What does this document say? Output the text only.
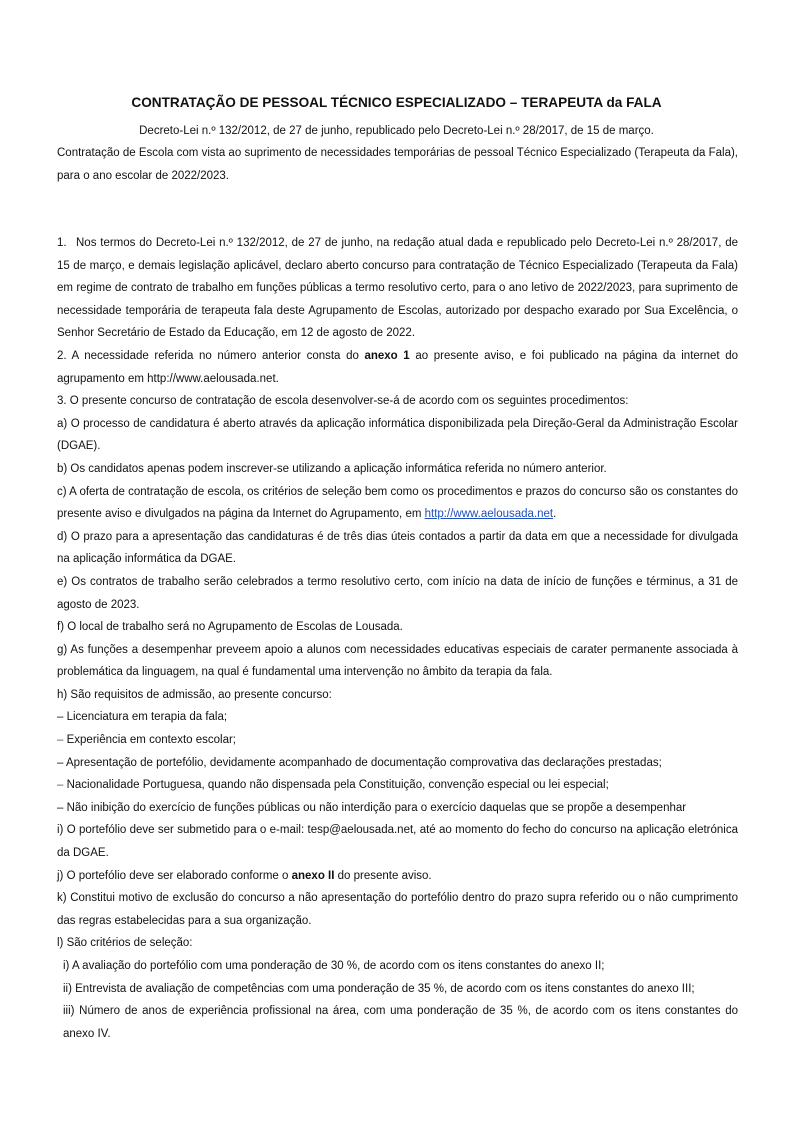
CONTRATAÇÃO DE PESSOAL TÉCNICO ESPECIALIZADO – TERAPEUTA da FALA
Decreto-Lei n.º 132/2012, de 27 de junho, republicado pelo Decreto-Lei n.º 28/2017, de 15 de março.
Contratação de Escola com vista ao suprimento de necessidades temporárias de pessoal Técnico Especializado (Terapeuta da Fala), para o ano escolar de 2022/2023.

1. Nos termos do Decreto-Lei n.º 132/2012, de 27 de junho, na redação atual dada e republicado pelo Decreto-Lei n.º 28/2017, de 15 de março, e demais legislação aplicável, declaro aberto concurso para contratação de Técnico Especializado (Terapeuta da Fala) em regime de contrato de trabalho em funções públicas a termo resolutivo certo, para o ano letivo de 2022/2023, para suprimento de necessidade temporária de terapeuta fala deste Agrupamento de Escolas, autorizado por despacho exarado por Sua Excelência, o Senhor Secretário de Estado da Educação, em 12 de agosto de 2022.

2. A necessidade referida no número anterior consta do anexo 1 ao presente aviso, e foi publicado na página da internet do agrupamento em http://www.aelousada.net.

3. O presente concurso de contratação de escola desenvolver-se-á de acordo com os seguintes procedimentos:

a) O processo de candidatura é aberto através da aplicação informática disponibilizada pela Direção-Geral da Administração Escolar (DGAE).

b) Os candidatos apenas podem inscrever-se utilizando a aplicação informática referida no número anterior.

c) A oferta de contratação de escola, os critérios de seleção bem como os procedimentos e prazos do concurso são os constantes do presente aviso e divulgados na página da Internet do Agrupamento, em http://www.aelousada.net.

d) O prazo para a apresentação das candidaturas é de três dias úteis contados a partir da data em que a necessidade for divulgada na aplicação informática da DGAE.

e) Os contratos de trabalho serão celebrados a termo resolutivo certo, com início na data de início de funções e términus, a 31 de agosto de 2023.

f) O local de trabalho será no Agrupamento de Escolas de Lousada.

g) As funções a desempenhar preveem apoio a alunos com necessidades educativas especiais de carater permanente associada à problemática da linguagem, na qual é fundamental uma intervenção no âmbito da terapia da fala.

h) São requisitos de admissão, ao presente concurso:

– Licenciatura em terapia da fala;

– Experiência em contexto escolar;

– Apresentação de portefólio, devidamente acompanhado de documentação comprovativa das declarações prestadas;

– Nacionalidade Portuguesa, quando não dispensada pela Constituição, convenção especial ou lei especial;

– Não inibição do exercício de funções públicas ou não interdição para o exercício daquelas que se propõe a desempenhar

i) O portefólio deve ser submetido para o e-mail: tesp@aelousada.net, até ao momento do fecho do concurso na aplicação eletrónica da DGAE.

j) O portefólio deve ser elaborado conforme o anexo II do presente aviso.

k) Constitui motivo de exclusão do concurso a não apresentação do portefólio dentro do prazo supra referido ou o não cumprimento das regras estabelecidas para a sua organização.

l) São critérios de seleção:

i) A avaliação do portefólio com uma ponderação de 30 %, de acordo com os itens constantes do anexo II;

ii) Entrevista de avaliação de competências com uma ponderação de 35 %, de acordo com os itens constantes do anexo III;

iii) Número de anos de experiência profissional na área, com uma ponderação de 35 %, de acordo com os itens constantes do anexo IV.
